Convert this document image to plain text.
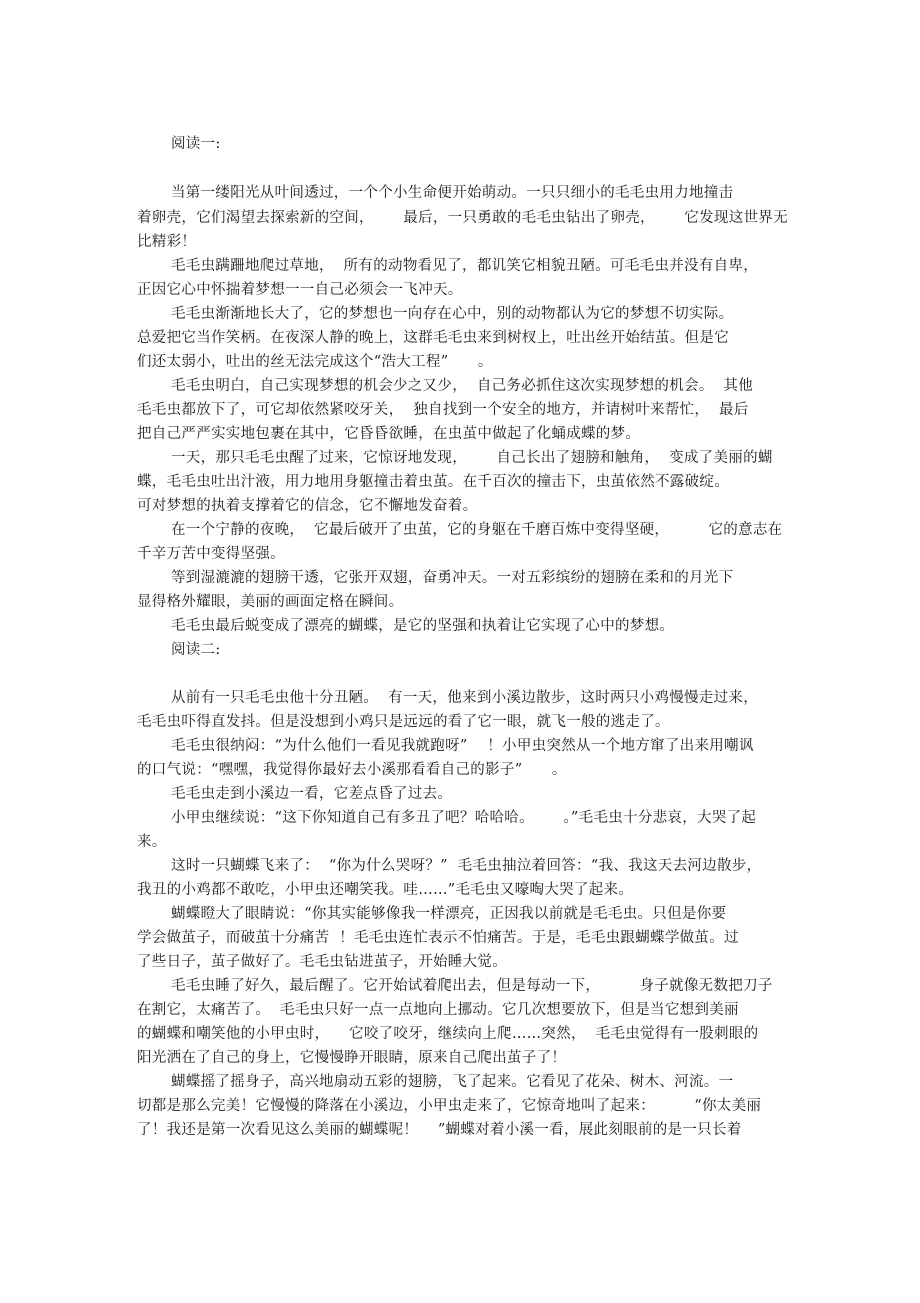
阅读一:
当第一缕阳光从叶间透过，一个个小生命便开始萌动。一只只细小的毛毛虫用力地撞击
着卵壳，它们渴望去探索新的空间，      最后，一只勇敢的毛毛虫钻出了卵壳，      它发现这世界无
比精彩！
毛毛虫蹒跚地爬过草地，  所有的动物看见了，都讥笑它相貌丑陋。可毛毛虫并没有自卑，
正因它心中怀揣着梦想一一自己必须会一飞冲天。
毛毛虫渐渐地长大了，它的梦想也一向存在心中，别的动物都认为它的梦想不切实际。
总爱把它当作笑柄。在夜深人静的晚上，这群毛毛虫来到树杈上，吐出丝开始结茧。但是它
们还太弱小，吐出的丝无法完成这个“浩大工程”      。
毛毛虫明白，自己实现梦想的机会少之又少，  自己务必抓住这次实现梦想的机会。  其他
毛毛虫都放下了，可它却依然紧咬牙关，  独自找到一个安全的地方，并请树叶来帮忙，  最后
把自己严严实实地包裹在其中，它昏昏欲睡，在虫茧中做起了化蛹成蝶的梦。
一天，那只毛毛虫醒了过来，它惊讶地发现，      自己长出了翅膀和触角，  变成了美丽的蝴
蝶，毛毛虫吐出汁液，用力地用身躯撞击着虫茧。在千百次的撞击下，虫茧依然不露破绽。
可对梦想的执着支撑着它的信念，它不懈地发奋着。
在一个宁静的夜晚，  它最后破开了虫茧，它的身躯在千磨百炼中变得坚硬，        它的意志在
千辛万苦中变得坚强。
等到湿漉漉的翅膀干透，它张开双翅，奋勇冲天。一对五彩缤纷的翅膀在柔和的月光下
显得格外耀眼，美丽的画面定格在瞬间。
毛毛虫最后蜕变成了漂亮的蝴蝶，是它的坚强和执着让它实现了心中的梦想。
阅读二:
从前有一只毛毛虫他十分丑陋。  有一天，他来到小溪边散步，这时两只小鸡慢慢走过来，
毛毛虫吓得直发抖。但是没想到小鸡只是远远的看了它一眼，就飞一般的逃走了。
毛毛虫很纳闷：“为什么他们一看见我就跑呀”    ！小甲虫突然从一个地方窜了出来用嘲讽
的口气说：“嘿嘿，我觉得你最好去小溪那看看自己的影子”      。
毛毛虫走到小溪边一看，它差点昏了过去。
小甲虫继续说：“这下你知道自己有多丑了吧？哈哈哈。      。”毛毛虫十分悲哀，大哭了起
来。
这时一只蝴蝶飞来了：  “你为什么哭呀？”  毛毛虫抽泣着回答：“我、我这天去河边散步，
我丑的小鸡都不敢吃，小甲虫还嘲笑我。哇……”毛毛虫又嚎啕大哭了起来。
蝴蝶瞪大了眼睛说：“你其实能够像我一样漂亮，正因我以前就是毛毛虫。只但是你要
学会做茧子，而破茧十分痛苦  ！毛毛虫连忙表示不怕痛苦。于是，毛毛虫跟蝴蝶学做茧。过
了些日子，茧子做好了。毛毛虫钻进茧子，开始睡大觉。
毛毛虫睡了好久，最后醒了。它开始试着爬出去，但是每动一下，        身子就像无数把刀子
在割它，太痛苦了。  毛毛虫只好一点一点地向上挪动。它几次想要放下，但是当它想到美丽
的蝴蝶和嘲笑他的小甲虫时，    它咬了咬牙，继续向上爬……突然，  毛毛虫觉得有一股刺眼的
阳光洒在了自己的身上，它慢慢睁开眼睛，原来自己爬出茧子了！
蝴蝶摇了摇身子，高兴地扇动五彩的翅膀，飞了起来。它看见了花朵、树木、河流。一
切都是那么完美！它慢慢的降落在小溪边，小甲虫走来了，它惊奇地叫了起来：        “你太美丽
了！我还是第一次看见这么美丽的蝴蝶呢！    ”蝴蝶对着小溪一看，展此刻眼前的是一只长着
